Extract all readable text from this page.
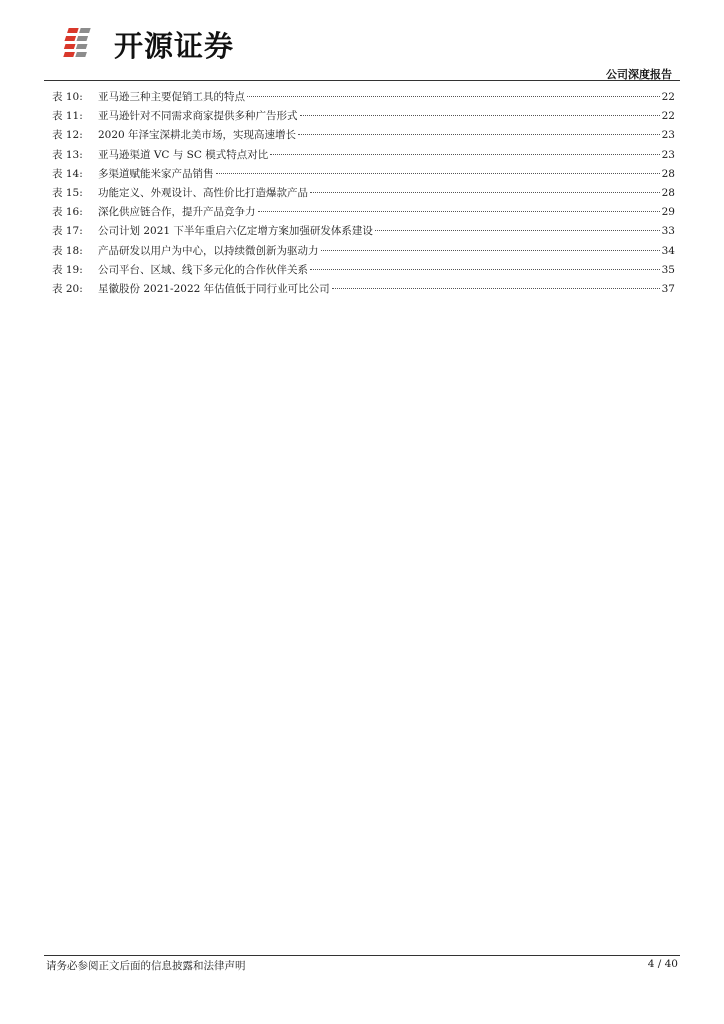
开源证券
公司深度报告
表 10:	亚马逊三种主要促销工具的特点	22
表 11:	亚马逊针对不同需求商家提供多种广告形式	22
表 12:	2020 年泽宝深耕北美市场，实现高速增长	23
表 13:	亚马逊渠道 VC 与 SC 模式特点对比	23
表 14:	多渠道赋能米家产品销售	28
表 15:	功能定义、外观设计、高性价比打造爆款产品	28
表 16:	深化供应链合作，提升产品竞争力	29
表 17:	公司计划 2021 下半年重启六亿定增方案加强研发体系建设	33
表 18:	产品研发以用户为中心，以持续微创新为驱动力	34
表 19:	公司平台、区域、线下多元化的合作伙伴关系	35
表 20:	星徽股份 2021-2022 年估值低于同行业可比公司	37
请务必参阅正文后面的信息披露和法律声明	4 / 40
